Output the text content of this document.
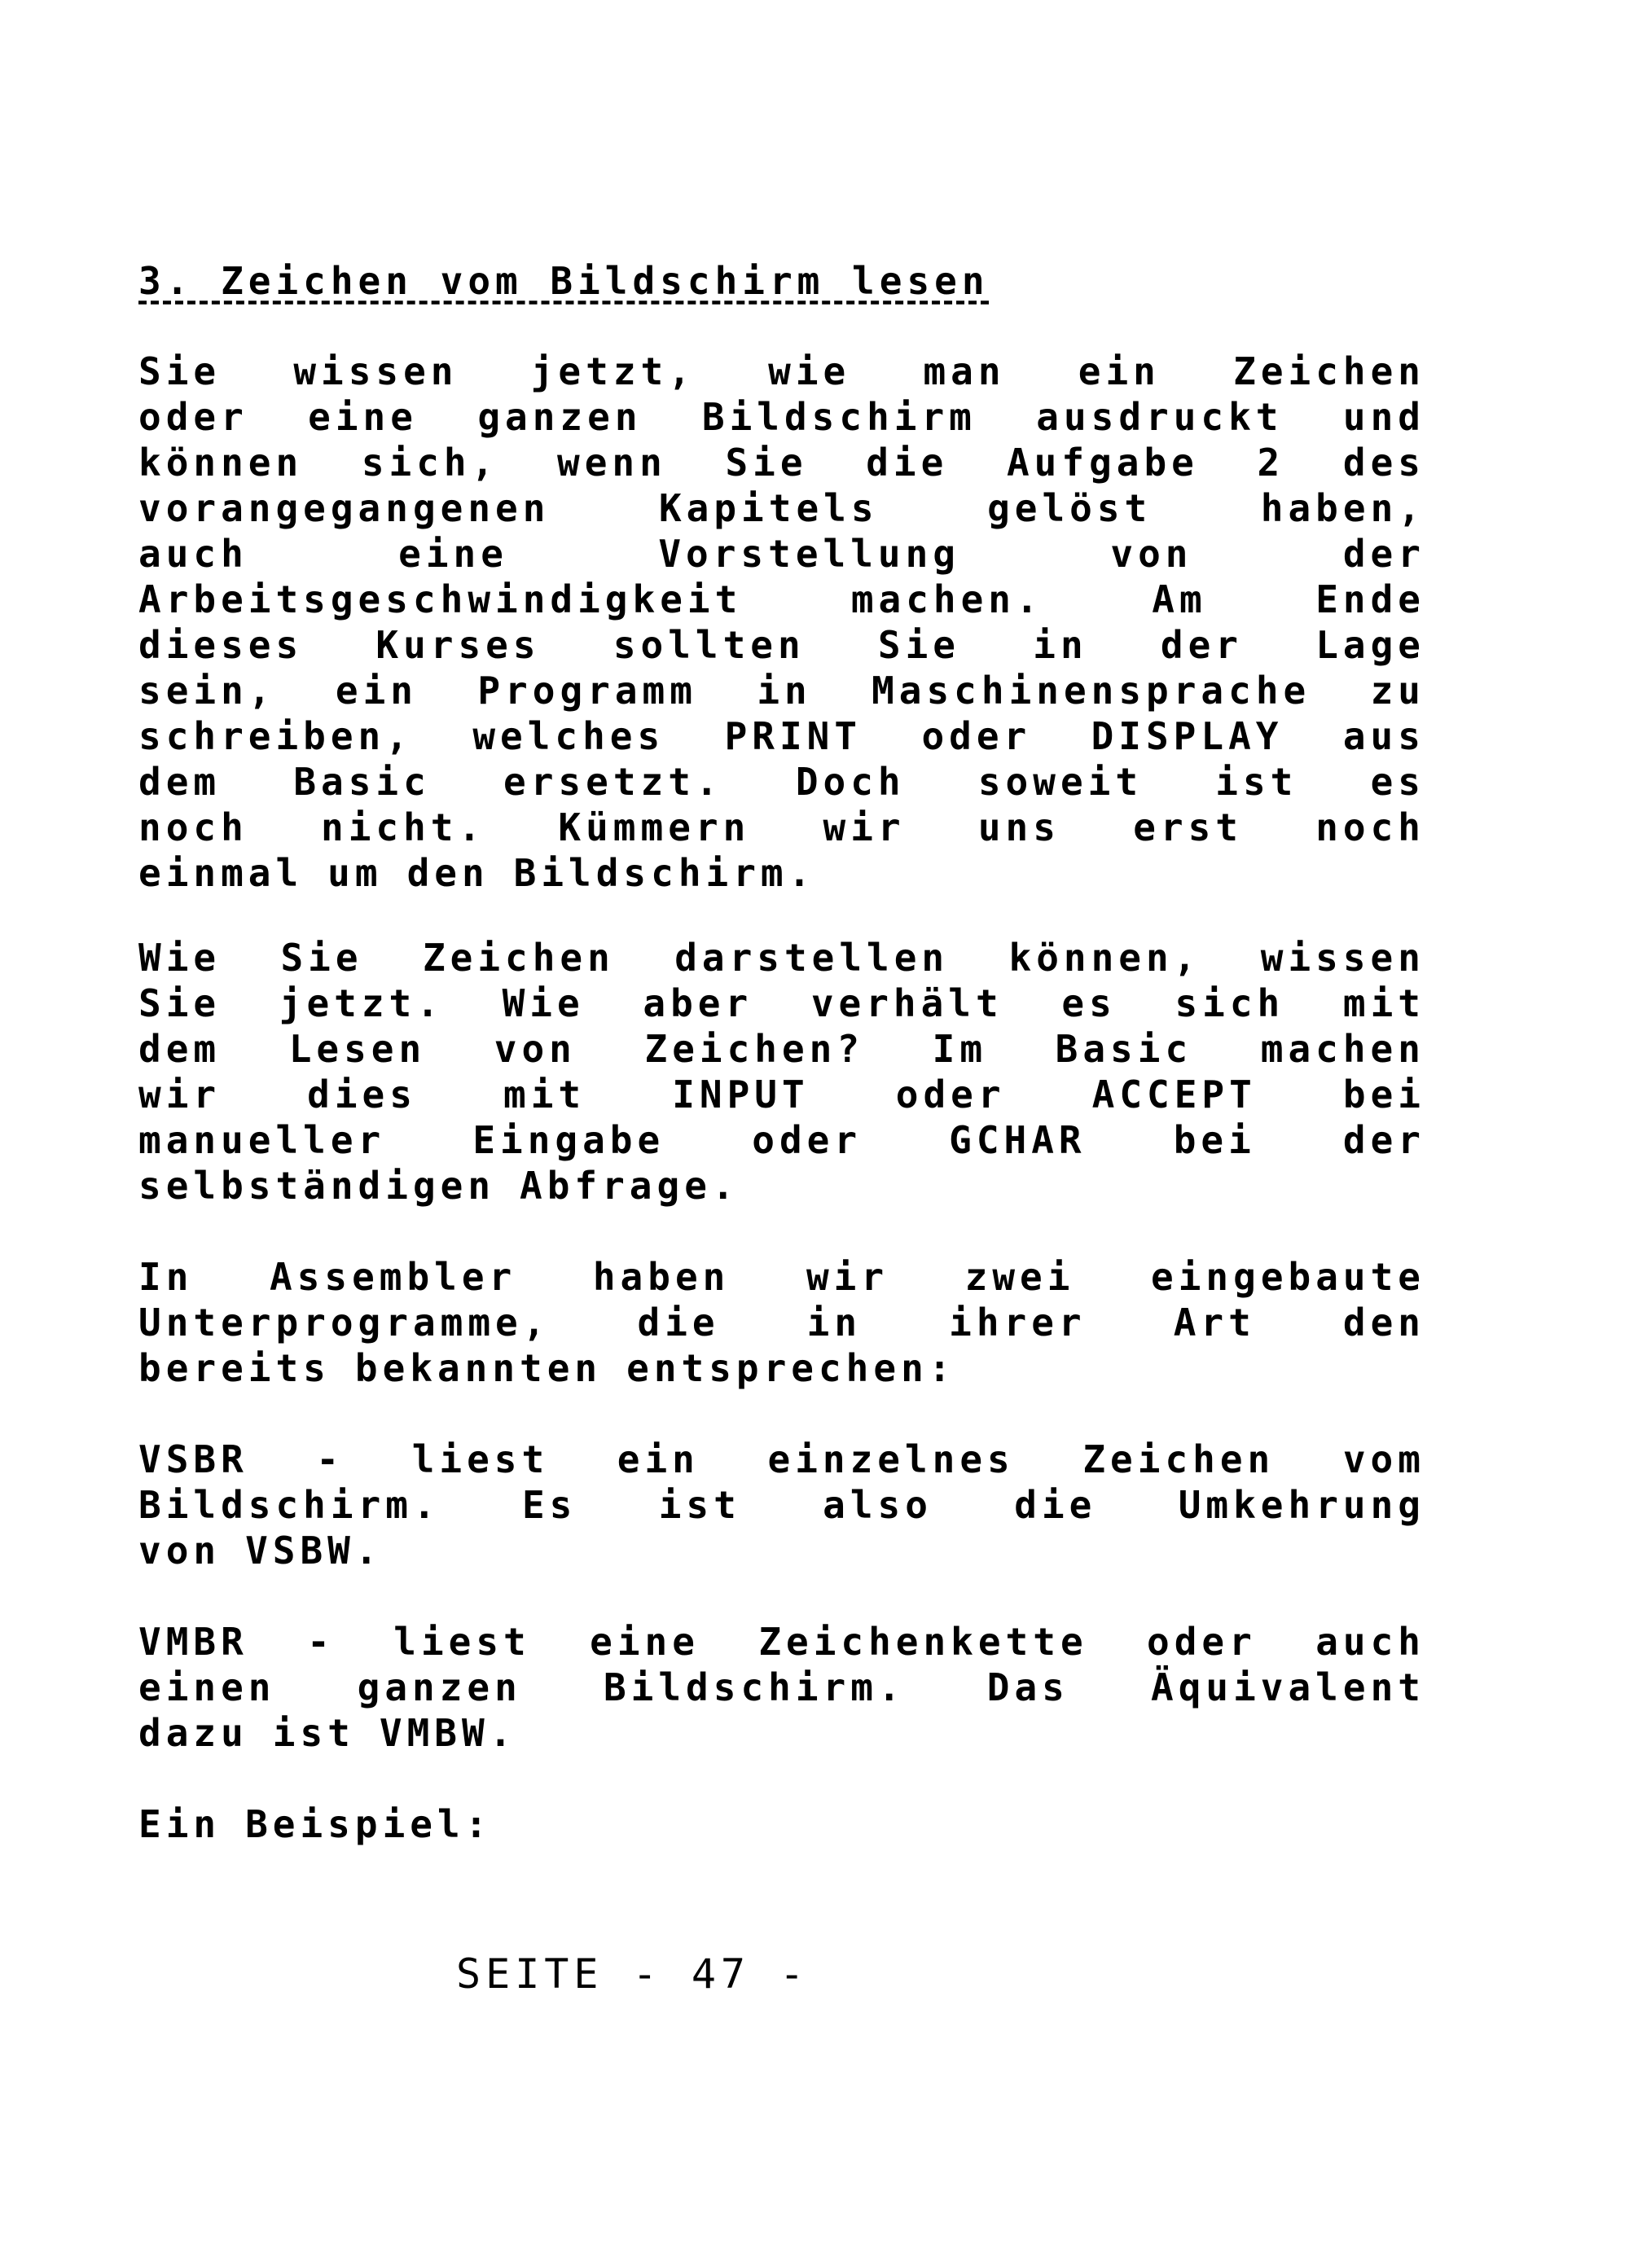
3. Zeichen vom Bildschirm lesen
Sie wissen jetzt, wie man ein Zeichen
oder eine ganzen Bildschirm ausdruckt und
können sich, wenn Sie die Aufgabe 2 des
vorangegangenen	Kapitels	gelöst	haben,
auch	eine	Vorstellung	von	der
Arbeitsgeschwindigkeit	machen.	Am	Ende
dieses Kurses sollten Sie in der Lage
sein, ein Programm in Maschinensprache zu
schreiben, welches PRINT oder DISPLAY aus
dem Basic ersetzt. Doch soweit ist es
noch nicht. Kümmern wir uns erst noch
einmal um den Bildschirm.
Wie Sie Zeichen darstellen können, wissen
Sie jetzt. Wie aber verhält es sich mit
dem Lesen von Zeichen? Im Basic machen
wir dies mit INPUT oder ACCEPT bei
manueller Eingabe oder GCHAR bei der
selbständigen Abfrage.
In Assembler haben wir zwei eingebaute
Unterprogramme, die in ihrer Art den
bereits bekannten entsprechen:
VSBR - liest ein einzelnes Zeichen vom
Bildschirm. Es ist also die Umkehrung
von VSBW.
VMBR - liest eine Zeichenkette oder auch
einen ganzen Bildschirm. Das Äquivalent
dazu ist VMBW.
Ein Beispiel:
SEITE - 47 -
